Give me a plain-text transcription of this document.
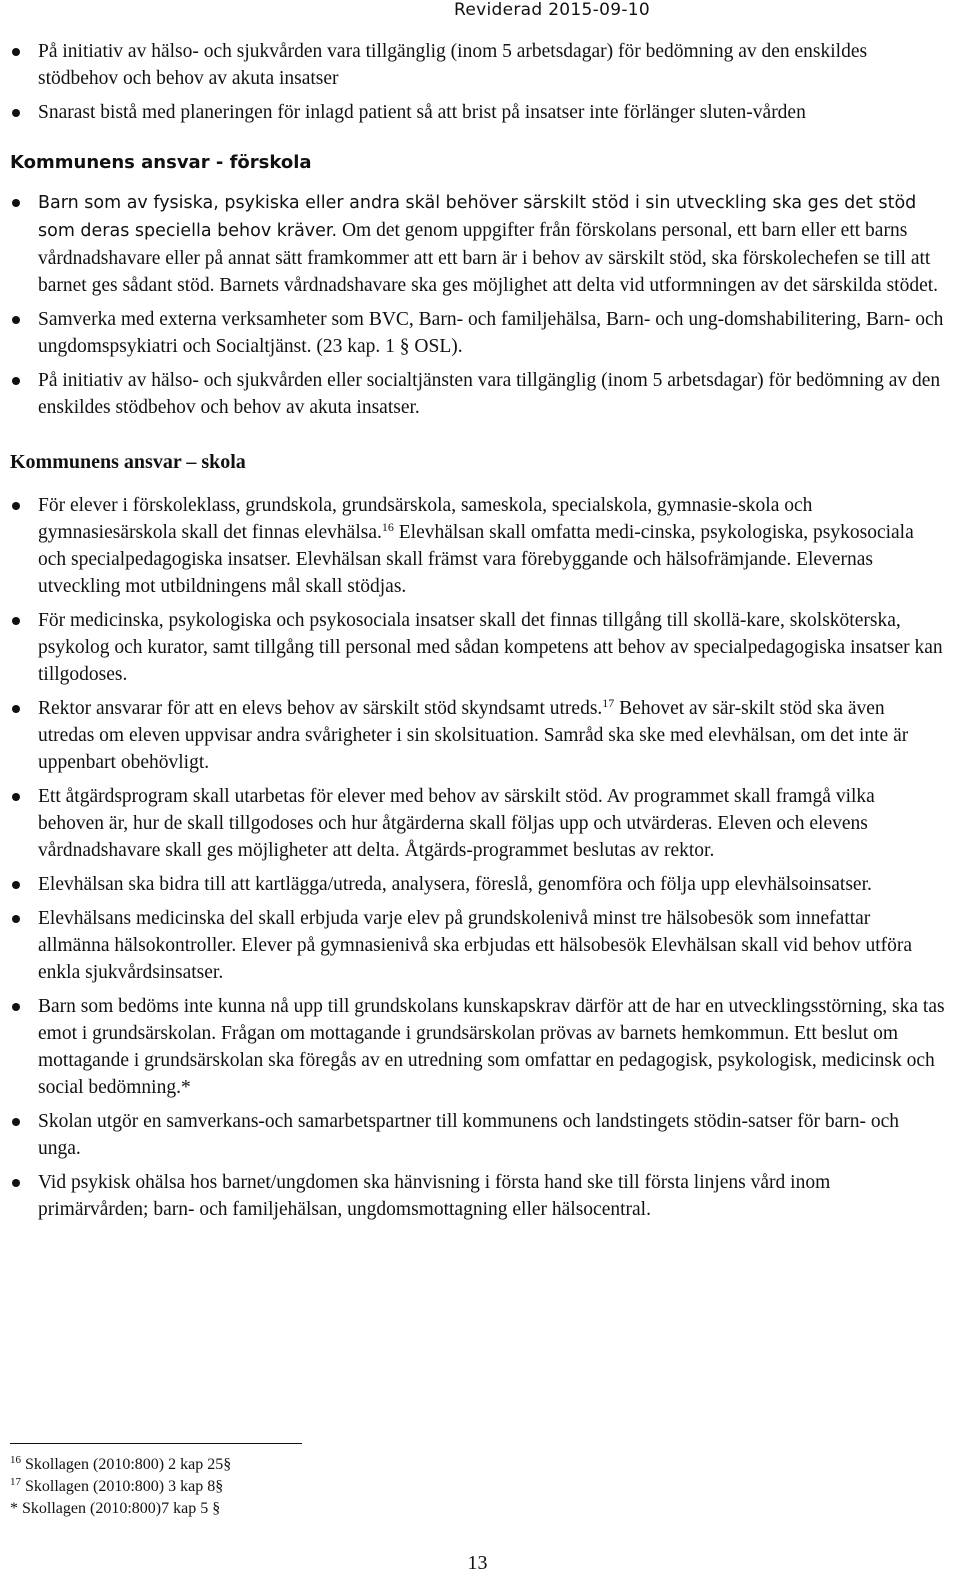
Reviderad 2015-09-10
På initiativ av hälso- och sjukvården vara tillgänglig (inom 5 arbetsdagar) för bedömning av den enskildes stödbehov och behov av akuta insatser
Snarast bistå med planeringen för inlagd patient så att brist på insatser inte förlänger sluten-vården
Kommunens ansvar - förskola
Barn som av fysiska, psykiska eller andra skäl behöver särskilt stöd i sin utveckling ska ges det stöd som deras speciella behov kräver. Om det genom uppgifter från förskolans personal, ett barn eller ett barns vårdnadshavare eller på annat sätt framkommer att ett barn är i behov av särskilt stöd, ska förskolechefen se till att barnet ges sådant stöd. Barnets vårdnadshavare ska ges möjlighet att delta vid utformningen av det särskilda stödet.
Samverka med externa verksamheter som BVC, Barn- och familjehälsa, Barn- och ung-domshabilitering, Barn- och ungdomspsykiatri och Socialtjänst. (23 kap. 1 § OSL).
På initiativ av hälso- och sjukvården eller socialtjänsten vara tillgänglig (inom 5 arbetsdagar) för bedömning av den enskildes stödbehov och behov av akuta insatser.
Kommunens ansvar – skola
För elever i förskoleklass, grundskola, grundsärskola, sameskola, specialskola, gymnasie-skola och gymnasiesärskola skall det finnas elevhälsa.$^{16}$ Elevhälsan skall omfatta medi-cinska, psykologiska, psykosociala och specialpedagogiska insatser. Elevhälsan skall främst vara förebyggande och hälsofrämjande. Elevernas utveckling mot utbildningens mål skall stödjas.
För medicinska, psykologiska och psykosociala insatser skall det finnas tillgång till skollä-kare, skolsköterska, psykolog och kurator, samt tillgång till personal med sådan kompetens att behov av specialpedagogiska insatser kan tillgodoses.
Rektor ansvarar för att en elevs behov av särskilt stöd skyndsamt utreds.$^{17}$ Behovet av sär-skilt stöd ska även utredas om eleven uppvisar andra svårigheter i sin skolsituation. Samråd ska ske med elevhälsan, om det inte är uppenbart obehövligt.
Ett åtgärdsprogram skall utarbetas för elever med behov av särskilt stöd. Av programmet skall framgå vilka behoven är, hur de skall tillgodoses och hur åtgärderna skall följas upp och utvärderas. Eleven och elevens vårdnadshavare skall ges möjligheter att delta. Åtgärds-programmet beslutas av rektor.
Elevhälsan ska bidra till att kartlägga/utreda, analysera, föreslå, genomföra och följa upp elevhälsoinsatser.
Elevhälsans medicinska del skall erbjuda varje elev på grundskolenivå minst tre hälsobesök som innefattar allmänna hälsokontroller. Elever på gymnasienivå ska erbjudas ett hälsobesök Elevhälsan skall vid behov utföra enkla sjukvårdsinsatser.
Barn som bedöms inte kunna nå upp till grundskolans kunskapskrav därför att de har en utvecklingsstörning, ska tas emot i grundsärskolan. Frågan om mottagande i grundsärskolan prövas av barnets hemkommun. Ett beslut om mottagande i grundsärskolan ska föregås av en utredning som omfattar en pedagogisk, psykologisk, medicinsk och social bedömning.*
Skolan utgör en samverkans-och samarbetspartner till kommunens och landstingets stödin-satser för barn- och unga.
Vid psykisk ohälsa hos barnet/ungdomen ska hänvisning i första hand ske till första linjens vård inom primärvården; barn- och familjehälsan, ungdomsmottagning eller hälsocentral.
$^{16}$ Skollagen (2010:800) 2 kap 25§
$^{17}$ Skollagen (2010:800) 3 kap 8§
* Skollagen (2010:800)7 kap 5 §
13
